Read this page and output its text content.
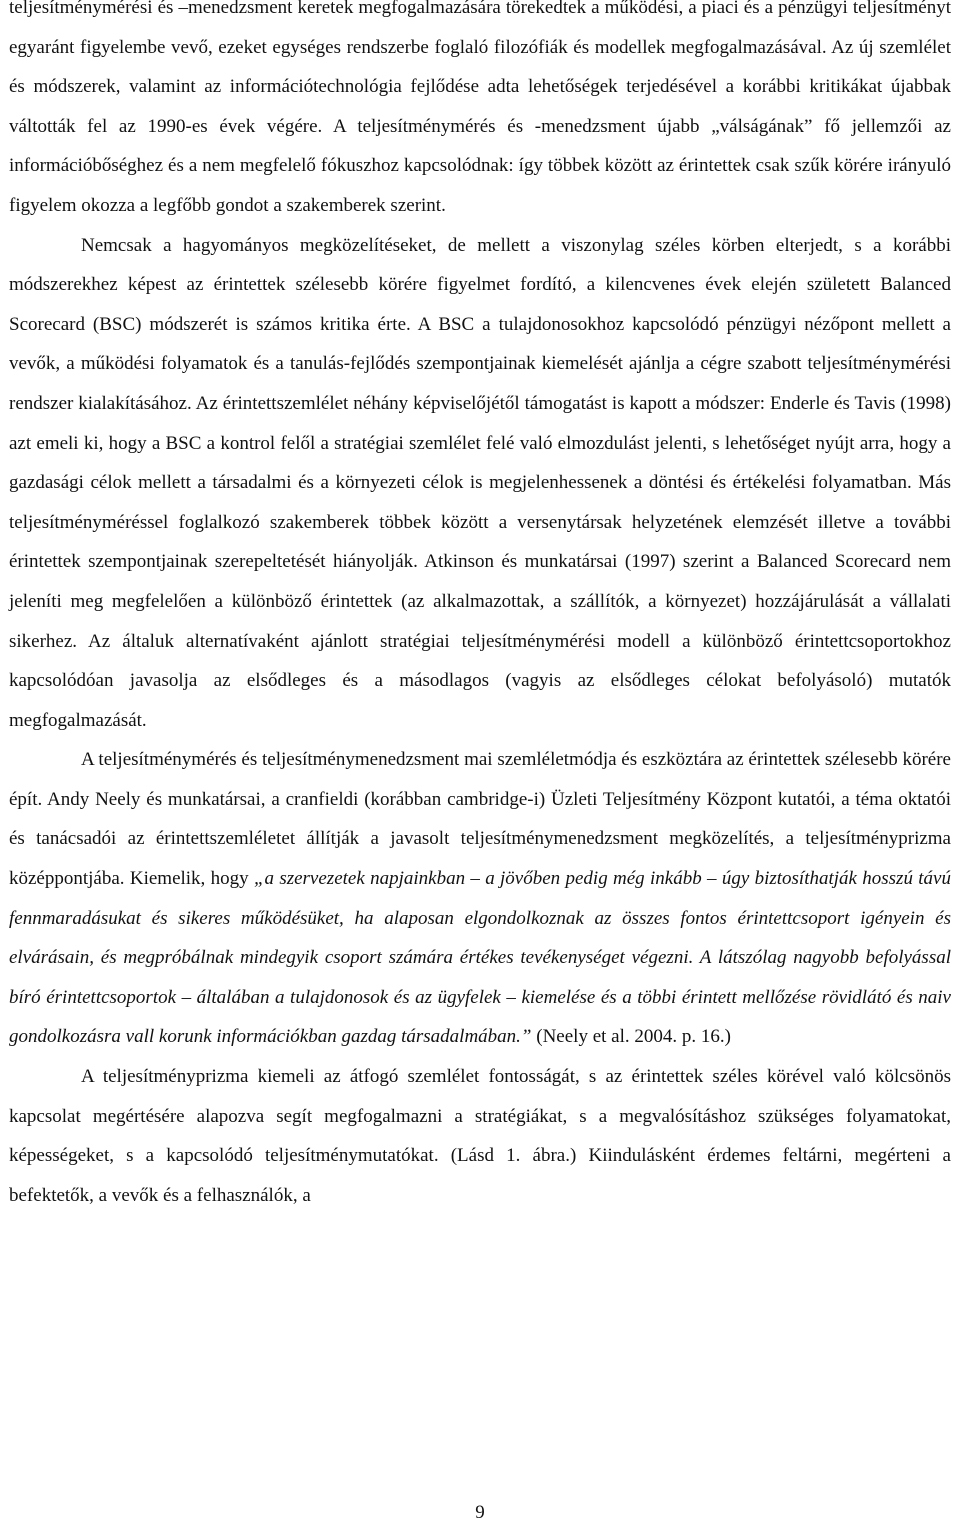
teljesítménymérési és –menedzsment keretek megfogalmazására törekedtek a működési, a piaci és a pénzügyi teljesítményt egyaránt figyelembe vevő, ezeket egységes rendszerbe foglaló filozófiák és modellek megfogalmazásával. Az új szemlélet és módszerek, valamint az információtechnológia fejlődése adta lehetőségek terjedésével a korábbi kritikákat újabbak váltották fel az 1990-es évek végére. A teljesítménymérés és -menedzsment újabb „válságának” fő jellemzői az információbőséghez és a nem megfelelő fókuszhoz kapcsolódnak: így többek között az érintettek csak szűk körére irányuló figyelem okozza a legfőbb gondot a szakemberek szerint.

Nemcsak a hagyományos megközelítéseket, de mellett a viszonylag széles körben elterjedt, s a korábbi módszerekhez képest az érintettek szélesebb körére figyelmet fordító, a kilencvenes évek elején született Balanced Scorecard (BSC) módszerét is számos kritika érte. A BSC a tulajdonosokhoz kapcsolódó pénzügyi nézőpont mellett a vevők, a működési folyamatok és a tanulás-fejlődés szempontjainak kiemelését ajánlja a cégre szabott teljesítménymérési rendszer kialakításához. Az érintettszemlélet néhány képviselőjétől támogatást is kapott a módszer: Enderle és Tavis (1998) azt emeli ki, hogy a BSC a kontrol felől a stratégiai szemlélet felé való elmozdulást jelenti, s lehetőséget nyújt arra, hogy a gazdasági célok mellett a társadalmi és a környezeti célok is megjelenhessenek a döntési és értékelési folyamatban. Más teljesítményméréssel foglalkozó szakemberek többek között a versenytársak helyzetének elemzését illetve a további érintettek szempontjainak szerepeltetését hiányolják. Atkinson és munkatársai (1997) szerint a Balanced Scorecard nem jeleníti meg megfelelően a különböző érintettek (az alkalmazottak, a szállítók, a környezet) hozzájárulását a vállalati sikerhez. Az általuk alternatívaként ajánlott stratégiai teljesítménymérési modell a különböző érintettcsoportokhoz kapcsolódóan javasolja az elsődleges és a másodlagos (vagyis az elsődleges célokat befolyásoló) mutatók megfogalmazását.

A teljesítménymérés és teljesítménymenedzsment mai szemléletmódja és eszköztára az érintettek szélesebb körére épít. Andy Neely és munkatársai, a cranfieldi (korábban cambridge-i) Üzleti Teljesítmény Központ kutatói, a téma oktatói és tanácsadói az érintettszemléletet állítják a javasolt teljesítménymenedzsment megközelítés, a teljesítményprizma középpontjába. Kiemelik, hogy „a szervezetek napjainkban – a jövőben pedig még inkább – úgy biztosíthatják hosszú távú fennmaradásukat és sikeres működésüket, ha alaposan elgondolkoznak az összes fontos érintettcsoport igényein és elvárásain, és megpróbálnak mindegyik csoport számára értékes tevékenységet végezni. A látszólag nagyobb befolyással bíró érintettcsoportok – általában a tulajdonosok és az ügyfelek – kiemelése és a többi érintett mellőzése rövidlátó és naiv gondolkozásra vall korunk információkban gazdag társadalmában.” (Neely et al. 2004. p. 16.)

A teljesítményprizma kiemeli az átfogó szemlélet fontosságát, s az érintettek széles körével való kölcsönös kapcsolat megértésére alapozva segít megfogalmazni a stratégiákat, s a megvalósításhoz szükséges folyamatokat, képességeket, s a kapcsolódó teljesítménymutatókat. (Lásd 1. ábra.) Kiindulásként érdemes feltárni, megérteni a befektetők, a vevők és a felhasználók, a

9
